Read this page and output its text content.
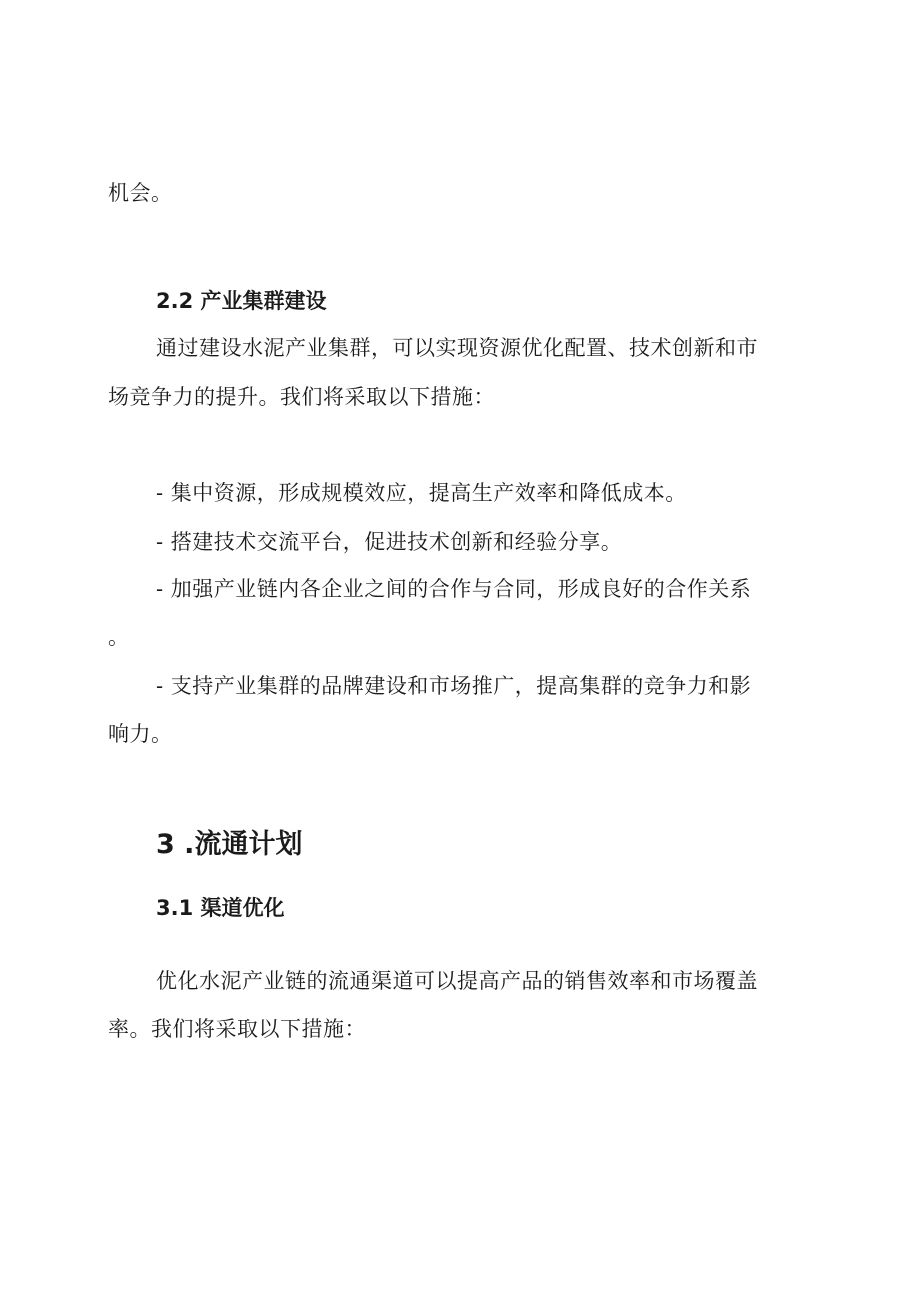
机会。
2.2 产业集群建设
通过建设水泥产业集群，可以实现资源优化配置、技术创新和市
场竞争力的提升。我们将采取以下措施：
- 集中资源，形成规模效应，提高生产效率和降低成本。
- 搭建技术交流平台，促进技术创新和经验分享。
- 加强产业链内各企业之间的合作与合同，形成良好的合作关系
。
- 支持产业集群的品牌建设和市场推广，提高集群的竞争力和影
响力。
3 .流通计划
3.1 渠道优化
优化水泥产业链的流通渠道可以提高产品的销售效率和市场覆盖
率。我们将采取以下措施：
